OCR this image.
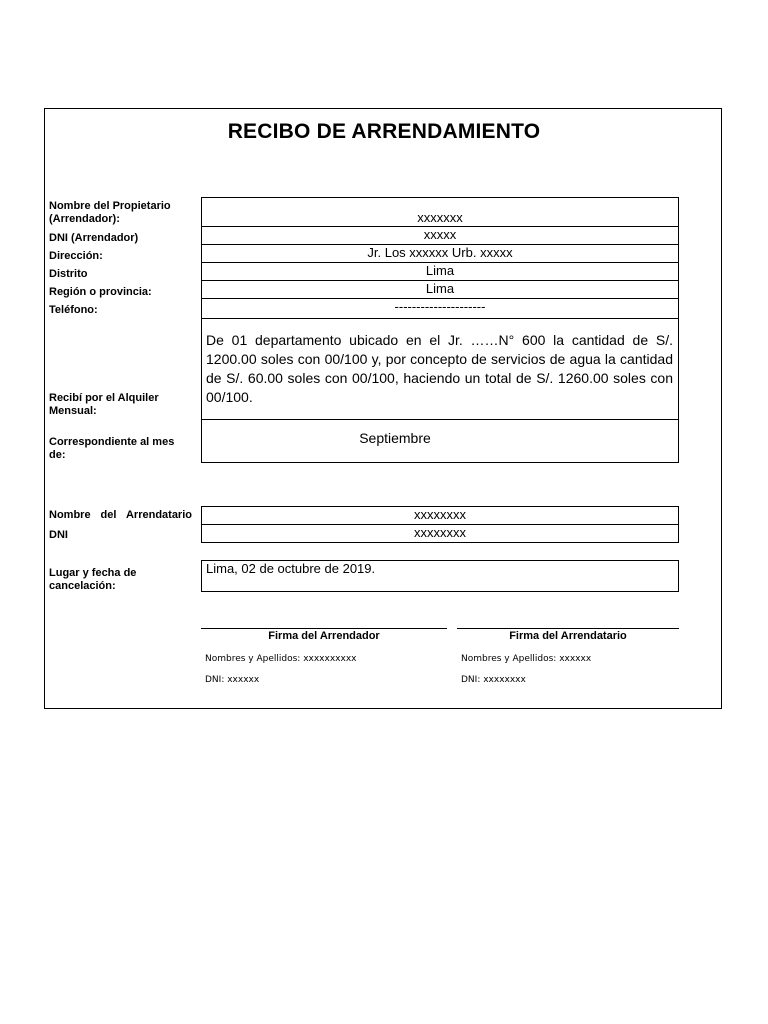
RECIBO DE ARRENDAMIENTO
Nombre del Propietario (Arrendador):	xxxxxxx
DNI (Arrendador)	xxxxx
Dirección:	Jr. Los xxxxxx Urb. xxxxx
Distrito	Lima
Región o provincia:	Lima
Teléfono:	---------------------
Recibí por el Alquiler Mensual:
De 01 departamento ubicado en el Jr. ……N° 600 la cantidad de S/. 1200.00 soles con 00/100 y, por concepto de servicios de agua la cantidad de S/. 60.00 soles con 00/100, haciendo un total de S/. 1260.00 soles con 00/100.
Correspondiente al mes de:
Septiembre
Nombre del Arrendatario	xxxxxxxx
DNI	xxxxxxxx
Lugar y fecha de cancelación:
Lima, 02 de octubre de 2019.
Firma del Arrendador
Nombres y Apellidos: xxxxxxxxxx
DNI: xxxxxx
Firma del Arrendatario
Nombres y Apellidos: xxxxxx
DNI: xxxxxxxx
